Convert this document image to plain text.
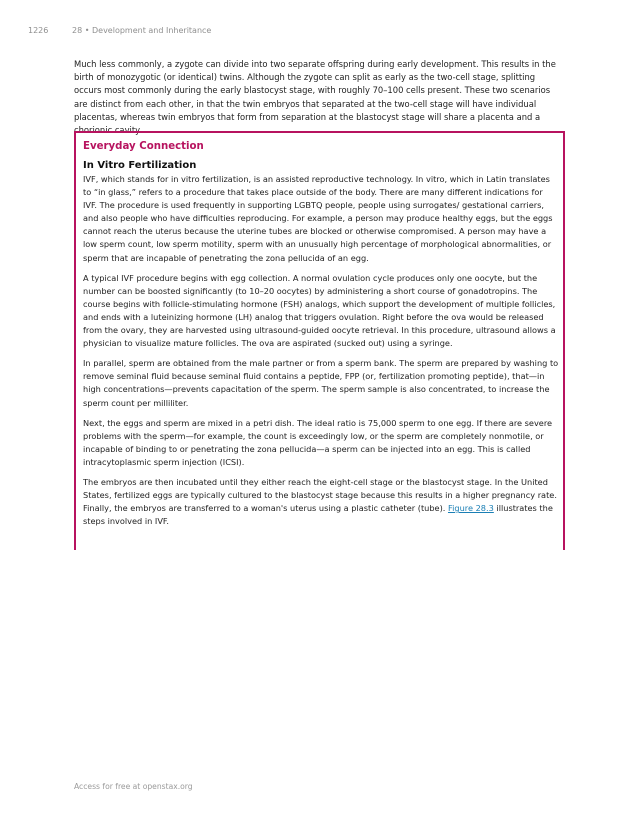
1226	28 • Development and Inheritance

Much less commonly, a zygote can divide into two separate offspring during early development. This results in the birth of monozygotic (or identical) twins. Although the zygote can split as early as the two-cell stage, splitting occurs most commonly during the early blastocyst stage, with roughly 70–100 cells present. These two scenarios are distinct from each other, in that the twin embryos that separated at the two-cell stage will have individual placentas, whereas twin embryos that form from separation at the blastocyst stage will share a placenta and a chorionic cavity.

Everyday Connection
In Vitro Fertilization

IVF, which stands for in vitro fertilization, is an assisted reproductive technology. In vitro, which in Latin translates to “in glass,” refers to a procedure that takes place outside of the body. There are many different indications for IVF. The procedure is used frequently in supporting LGBTQ people, people using surrogates/ gestational carriers, and also people who have difficulties reproducing. For example, a person may produce healthy eggs, but the eggs cannot reach the uterus because the uterine tubes are blocked or otherwise compromised. A person may have a low sperm count, low sperm motility, sperm with an unusually high percentage of morphological abnormalities, or sperm that are incapable of penetrating the zona pellucida of an egg.

A typical IVF procedure begins with egg collection. A normal ovulation cycle produces only one oocyte, but the number can be boosted significantly (to 10–20 oocytes) by administering a short course of gonadotropins. The course begins with follicle-stimulating hormone (FSH) analogs, which support the development of multiple follicles, and ends with a luteinizing hormone (LH) analog that triggers ovulation. Right before the ova would be released from the ovary, they are harvested using ultrasound-guided oocyte retrieval. In this procedure, ultrasound allows a physician to visualize mature follicles. The ova are aspirated (sucked out) using a syringe.

In parallel, sperm are obtained from the male partner or from a sperm bank. The sperm are prepared by washing to remove seminal fluid because seminal fluid contains a peptide, FPP (or, fertilization promoting peptide), that—in high concentrations—prevents capacitation of the sperm. The sperm sample is also concentrated, to increase the sperm count per milliliter.

Next, the eggs and sperm are mixed in a petri dish. The ideal ratio is 75,000 sperm to one egg. If there are severe problems with the sperm—for example, the count is exceedingly low, or the sperm are completely nonmotile, or incapable of binding to or penetrating the zona pellucida—a sperm can be injected into an egg. This is called intracytoplasmic sperm injection (ICSI).

The embryos are then incubated until they either reach the eight-cell stage or the blastocyst stage. In the United States, fertilized eggs are typically cultured to the blastocyst stage because this results in a higher pregnancy rate. Finally, the embryos are transferred to a woman's uterus using a plastic catheter (tube). Figure 28.3 illustrates the steps involved in IVF.

Access for free at openstax.org
